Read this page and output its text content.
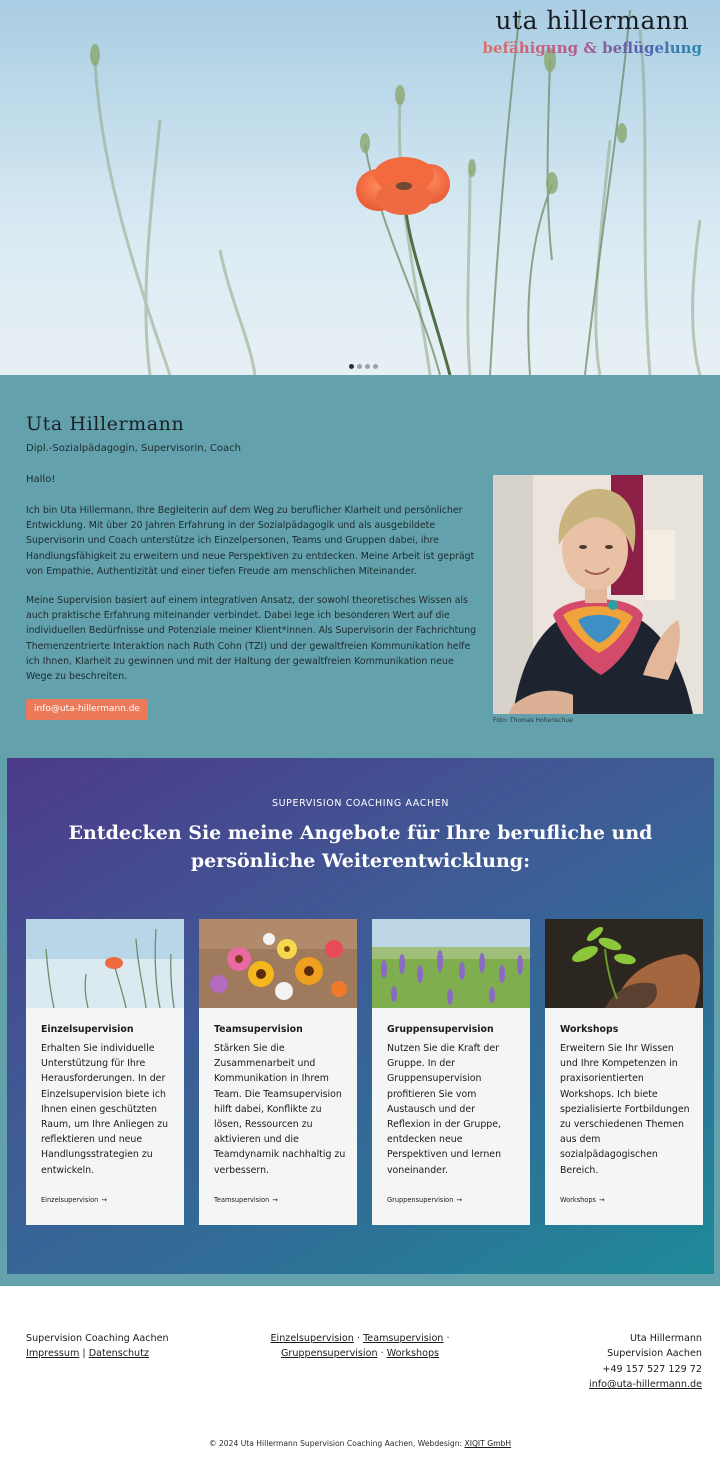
uta hillermann
befähigung & beflügelung
Uta Hillermann
Dipl.-Sozialpädagogin, Supervisorin, Coach
Hallo!

Ich bin Uta Hillermann, Ihre Begleiterin auf dem Weg zu beruflicher Klarheit und persönlicher Entwicklung. Mit über 20 Jahren Erfahrung in der Sozialpädagogik und als ausgebildete Supervisorin und Coach unterstütze ich Einzelpersonen, Teams und Gruppen dabei, ihre Handlungsfähigkeit zu erweitern und neue Perspektiven zu entdecken. Meine Arbeit ist geprägt von Empathie, Authentizität und einer tiefen Freude am menschlichen Miteinander.

Meine Supervision basiert auf einem integrativen Ansatz, der sowohl theoretisches Wissen als auch praktische Erfahrung miteinander verbindet. Dabei lege ich besonderen Wert auf die individuellen Bedürfnisse und Potenziale meiner Klient*innen. Als Supervisorin der Fachrichtung Themenzentrierte Interaktion nach Ruth Cohn (TZI) und der gewaltfreien Kommunikation helfe ich Ihnen, Klarheit zu gewinnen und mit der Haltung der gewaltfreien Kommunikation neue Wege zu beschreiten.

info@uta-hillermann.de
Foto: Thomas Hohenschue
SUPERVISION COACHING AACHEN
Entdecken Sie meine Angebote für Ihre berufliche und persönliche Weiterentwicklung:
Einzelsupervision
Erhalten Sie individuelle Unterstützung für Ihre Herausforderungen. In der Einzelsupervision biete ich Ihnen einen geschützten Raum, um Ihre Anliegen zu reflektieren und neue Handlungsstrategien zu entwickeln.
Einzelsupervision →
Teamsupervision
Stärken Sie die Zusammenarbeit und Kommunikation in Ihrem Team. Die Teamsupervision hilft dabei, Konflikte zu lösen, Ressourcen zu aktivieren und die Teamdynamik nachhaltig zu verbessern.
Teamsupervision →
Gruppensupervision
Nutzen Sie die Kraft der Gruppe. In der Gruppensupervision profitieren Sie vom Austausch und der Reflexion in der Gruppe, entdecken neue Perspektiven und lernen voneinander.
Gruppensupervision →
Workshops
Erweitern Sie Ihr Wissen und Ihre Kompetenzen in praxisorientierten Workshops. Ich biete spezialisierte Fortbildungen zu verschiedenen Themen aus dem sozialpädagogischen Bereich.
Workshops →
Supervision Coaching Aachen
Impressum | Datenschutz
Einzelsupervision · Teamsupervision ·
Gruppensupervision · Workshops
Uta Hillermann
Supervision Aachen
+49 157 527 129 72
info@uta-hillermann.de
© 2024 Uta Hillermann Supervision Coaching Aachen, Webdesign: XIQIT GmbH
